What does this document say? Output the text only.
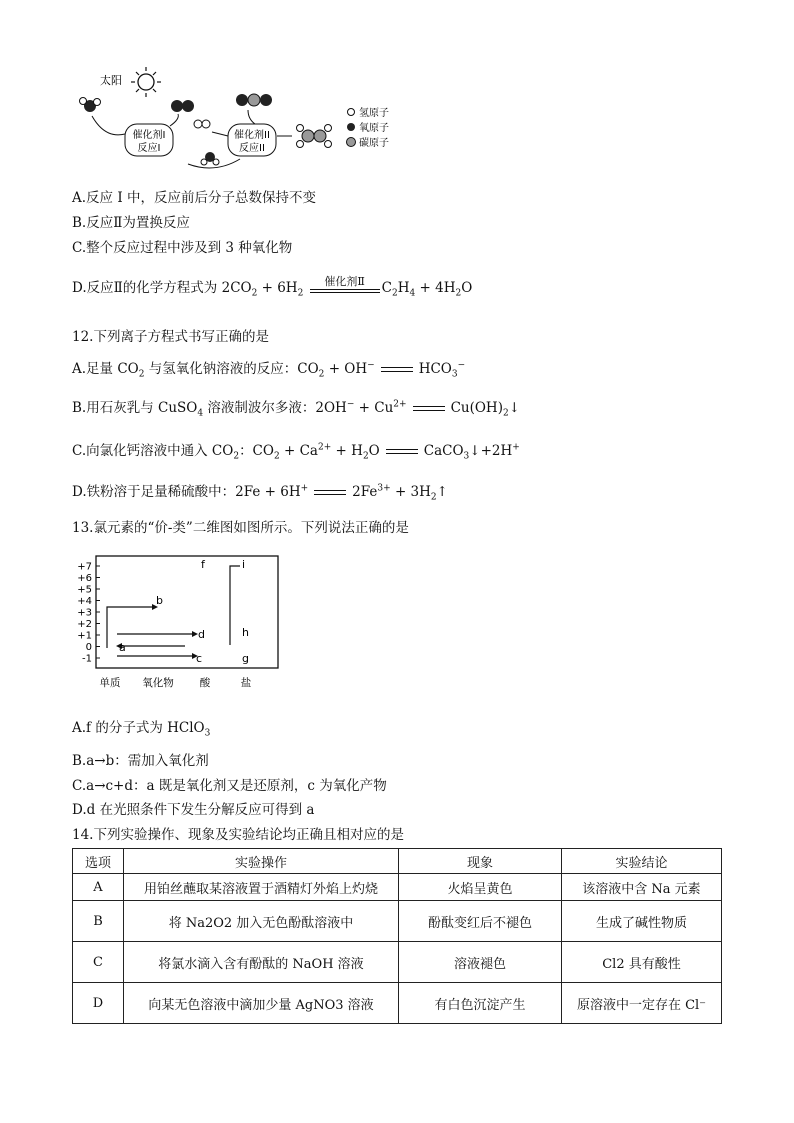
太阳
催化剂I
反应I
催化剂II
反应II
氢原子
氧原子
碳原子
A.反应 I 中，反应前后分子总数保持不变
B.反应Ⅱ为置换反应
C.整个反应过程中涉及到 3 种氧化物
D.反应Ⅱ的化学方程式为 $2CO_2 + 6H_2$
催化剂Ⅱ	$C_2H_4 + 4H_2O$
12.下列离子方程式书写正确的是
A.足量 $CO_2$ 与氢氧化钠溶液的反应：$CO_2 + OH^-$	$HCO_3^-$
B.用石灰乳与 CuSO$_4$ 溶液制波尔多液：$2OH^- + Cu^{2+}$	$Cu(OH)_2↓$
C.向氯化钙溶液中通入 $CO_2$：$CO_2 + Ca^{2+} + H_2O$	CaCO$_3$↓+2H+
D.铁粉溶于足量稀硫酸中：2Fe + 6H+	$2Fe^{3+}$ + $3H_2↑$
13.氯元素的“价-类”二维图如图所示。下列说法正确的是
+7
+6
+5
+4
+3
+2
+1
0
-1
单质 氧化物 酸	盐
a
b
c
d
f
g
h
i
A.f 的分子式为 HClO$_3$
B.a→b：需加入氧化剂
C.a→c+d：a 既是氧化剂又是还原剂，c 为氧化产物
D.d 在光照条件下发生分解反应可得到 a
14.下列实验操作、现象及实验结论均正确且相对应的是
选项	实验操作	现象	实验结论
A	用铂丝蘸取某溶液置于酒精灯外焰上灼烧	火焰呈黄色	该溶液中含 Na 元素
B	将 Na2O2 加入无色酚酞溶液中	酚酞变红后不褪色	生成了碱性物质
C	将氯水滴入含有酚酞的 NaOH 溶液	溶液褪色	Cl2 具有酸性
D	向某无色溶液中滴加少量 AgNO3 溶液	有白色沉淀产生	原溶液中一定存在 Cl⁻
